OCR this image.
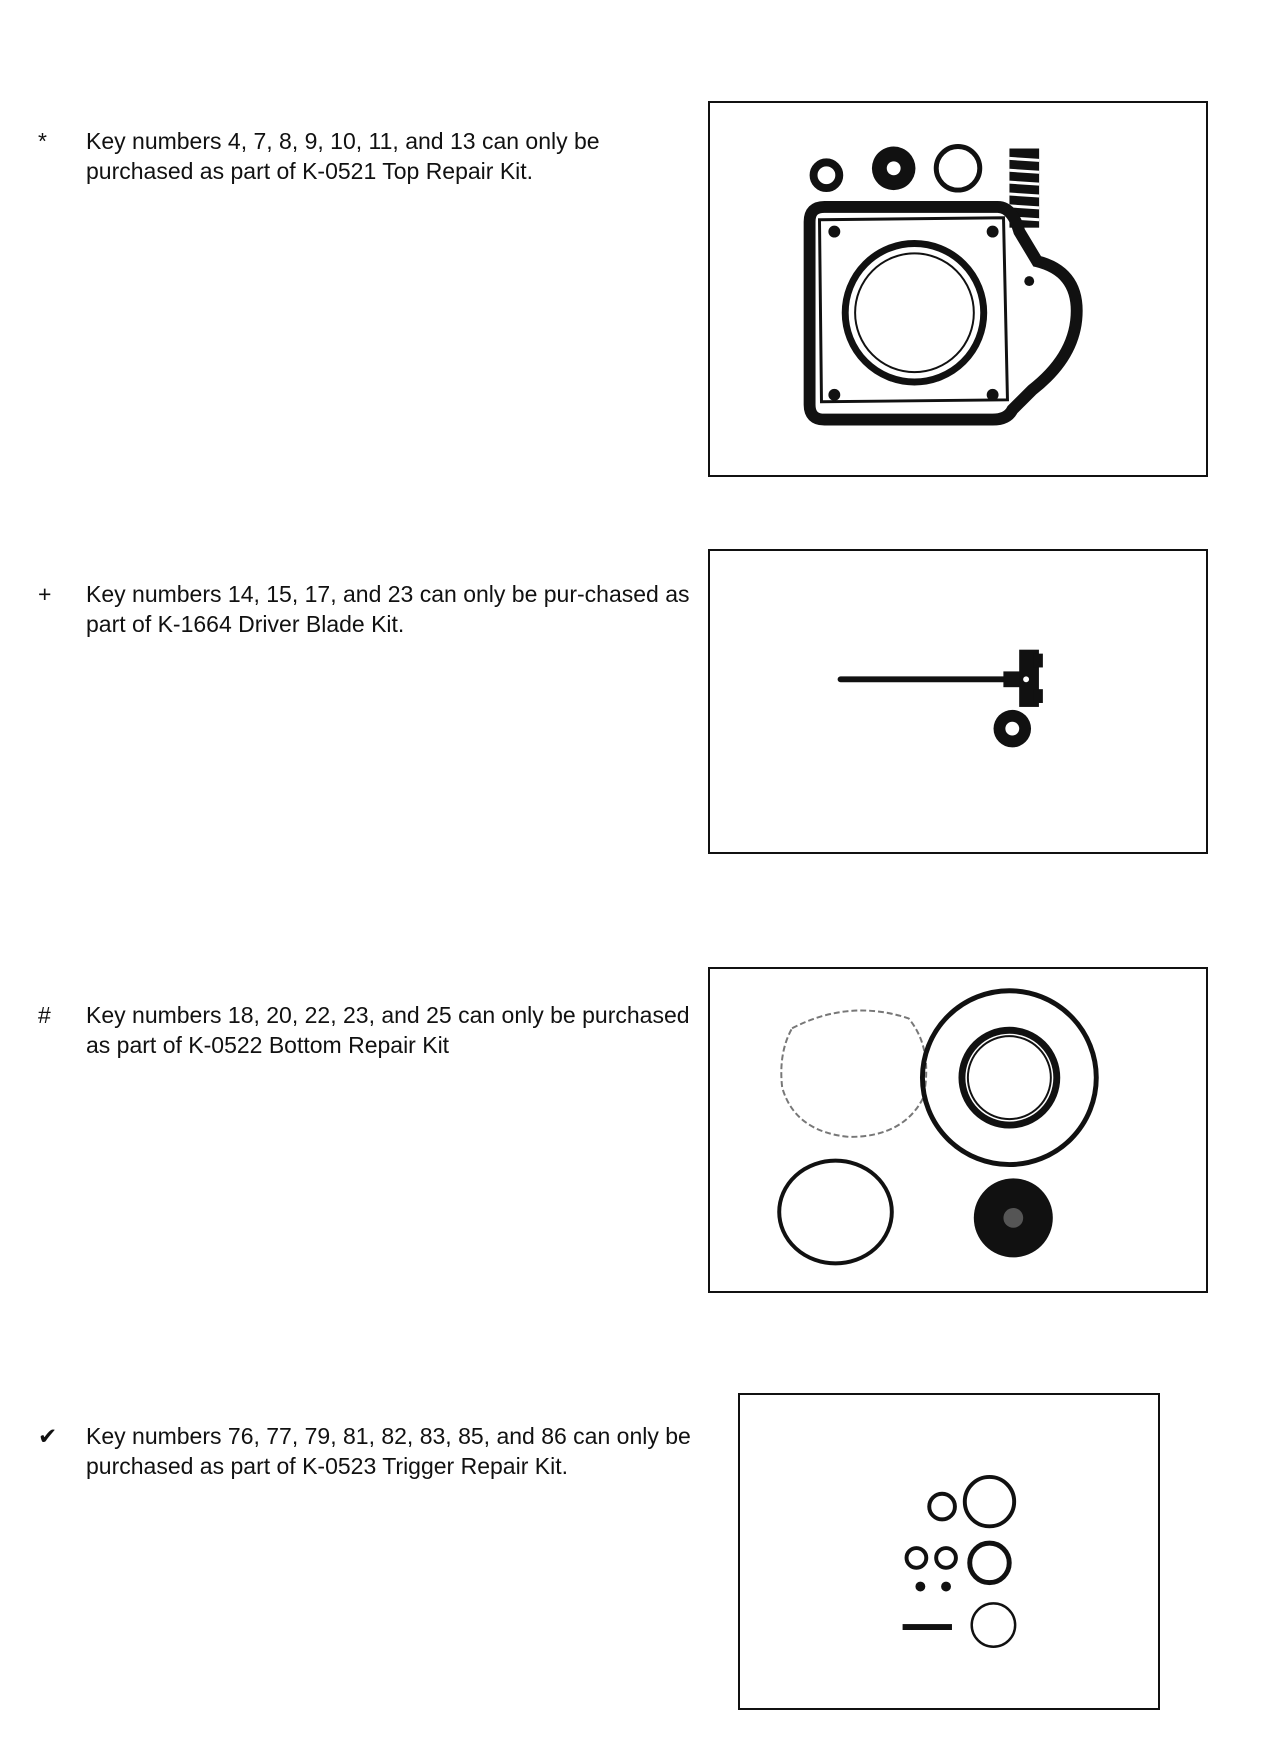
*	Key numbers 4, 7, 8, 9, 10, 11, and 13 can only be purchased as part of K-0521 Top Repair Kit.
+	Key numbers 14, 15, 17, and 23 can only be pur-chased as part of K-1664 Driver Blade Kit.
#	Key numbers 18, 20, 22, 23, and 25 can only be purchased as part of K-0522 Bottom Repair Kit
✔	Key numbers 76, 77, 79, 81, 82, 83, 85, and 86 can only be purchased as part of K-0523 Trigger Repair Kit.
